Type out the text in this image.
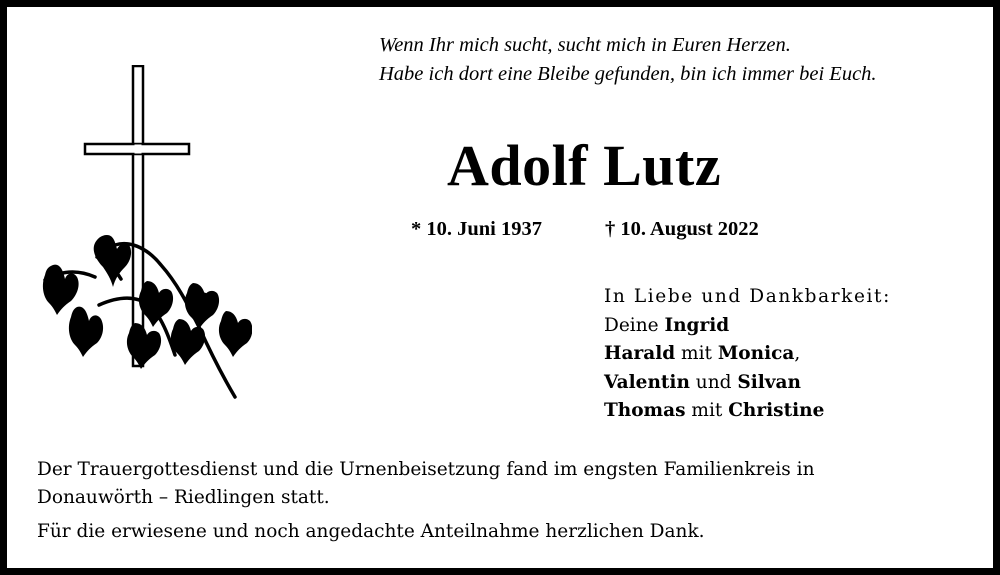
Wenn Ihr mich sucht, sucht mich in Euren Herzen.
Habe ich dort eine Bleibe gefunden, bin ich immer bei Euch.
Adolf Lutz
* 10. Juni 1937	† 10. August 2022
In Liebe und Dankbarkeit:
Deine Ingrid
Harald mit Monica,
Valentin und Silvan
Thomas mit Christine
Der Trauergottesdienst und die Urnenbeisetzung fand im engsten Familienkreis in
Donauwörth – Riedlingen statt.
Für die erwiesene und noch angedachte Anteilnahme herzlichen Dank.
